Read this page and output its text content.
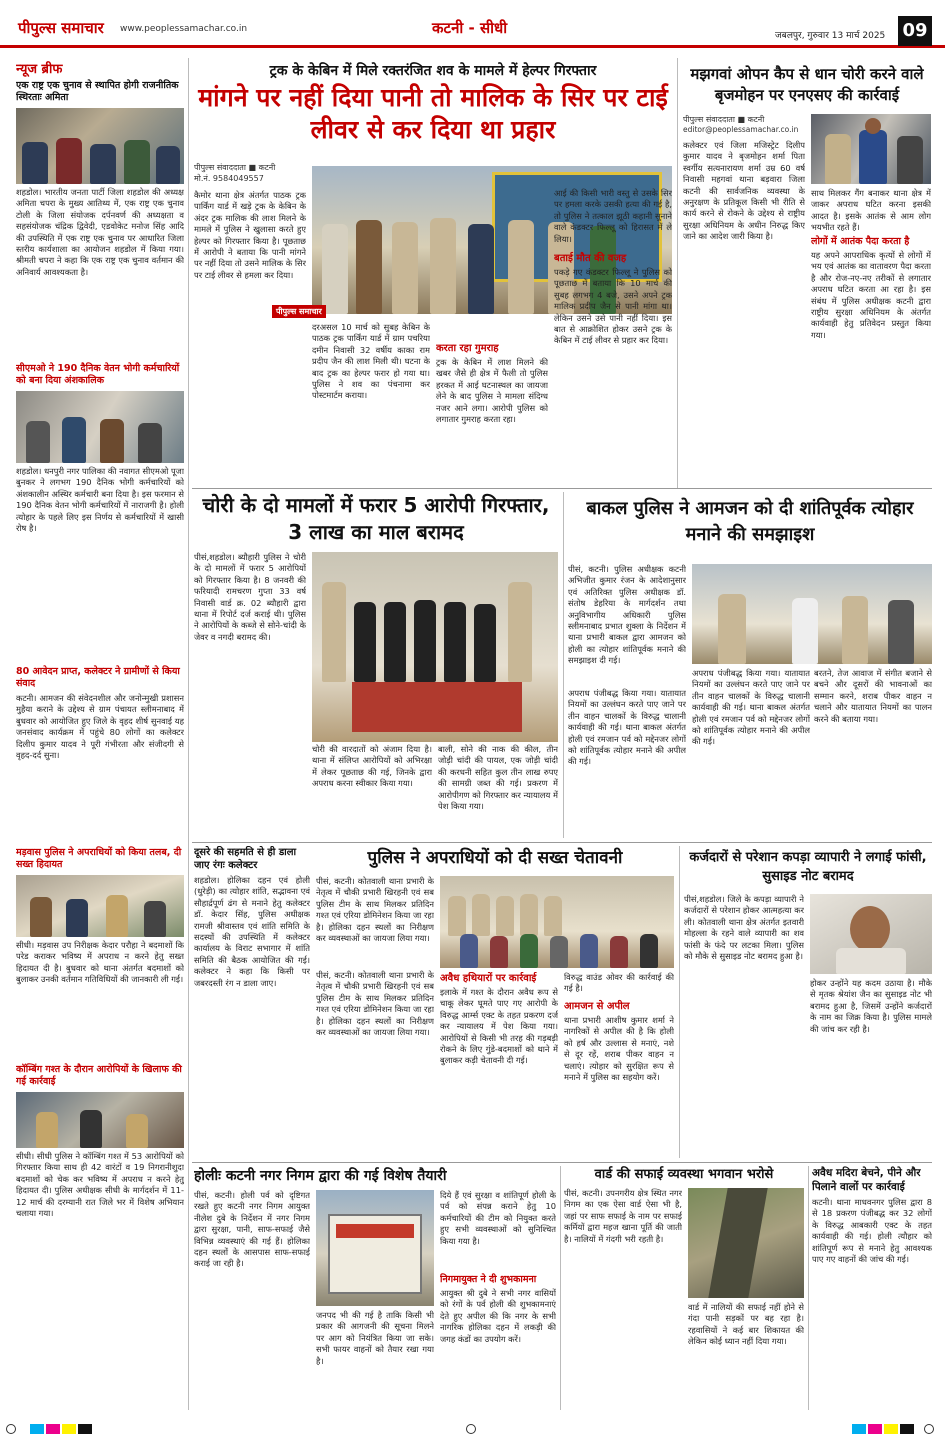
पीपुल्स समाचार www.peoplessamachar.co.in	कटनी - सीधी	जबलपुर, गुरुवार 13 मार्च 2025 09
न्यूज ब्रीफ
एक राष्ट्र एक चुनाव से स्थापित होगी राजनीतिक स्थिरताः अमिता
शहडोल। भारतीय जनता पार्टी जिला शहडोल की अध्यक्ष अमिता चपरा के मुख्य आतिथ्य में, एक राष्ट्र एक चुनाव टोली के जिला संयोजक दर्पनवर्ण की अध्यक्षता व सहसंयोजक चंद्रिक द्विवेदी, एडवोकेट मनोज सिंह आदि की उपस्थिति में एक राष्ट्र एक चुनाव पर आधारित जिला स्तरीय कार्यशाला का आयोजन शहडोल में किया गया। श्रीमती चपरा ने कहा कि एक राष्ट्र एक चुनाव वर्तमान की अनिवार्य आवश्यकता है।
सीएमओ ने 190 दैनिक वेतन भोगी कर्मचारियों को बना दिया अंशकालिक
शहडोल। धनपुरी नगर पालिका की नवागत सीएमओ पूजा बुनकर ने लगभग 190 दैनिक भोगी कर्मचारियों को अंशकालीन अस्थिर कर्मचारी बना दिया है। इस फरमान से 190 दैनिक वेतन भोगी कर्मचारियों में नाराजगी है। होली त्योहार के पहले लिए इस निर्णय से कर्मचारियों में खासी रोष है।
80 आवेदन प्राप्त, कलेक्टर ने ग्रामीणों से किया संवाद
कटनी। आमजन की संवेदनशील और जनोन्मुखी प्रशासन मुहैया कराने के उद्देश्य से ग्राम पंचायत स्लीमनाबाद में बुधवार को आयोजित हुए जिले के वृहद शीर्ष सुनवाई यह जनसंवाद कार्यक्रम में पहुंचे 80 लोगों का कलेक्टर दिलीप कुमार यादव ने पूरी गंभीरता और संजीदगी से वृहद-दर्द सुना।
मड़वास पुलिस ने अपराधियों को किया तलब, दी सख्त हिदायत
सीधी। मड़वास उप निरीक्षक केदार परौहा ने बदमाशों कि परेड कराकर भविष्य में अपराध न करने हेतु सख्त हिदायत दी है। बुधवार को थाना अंतर्गत बदमाशों को बुलाकर उनकी वर्तमान गतिविधियों की जानकारी ली गई।
कॉम्बिंग गश्त के दौरान आरोपियों के खिलाफ की गई कार्रवाई
सीधी। सीधी पुलिस ने कॉम्बिंग गश्त में 53 आरोपियों को गिरफ्तार किया साथ ही 42 वारंटों व 19 निगरानीशुदा बदमाशों को चेक कर भविष्य में अपराध न करने हेतु हिदायत दी। पुलिस अधीक्षक सीधी के मार्गदर्शन में 11-12 मार्च की दरम्यानी रात जिले भर में विशेष अभियान चलाया गया।
ट्रक के केबिन में मिले रक्तरंजित शव के मामले में हेल्पर गिरफ्तार
मांगने पर नहीं दिया पानी तो मालिक के सिर पर टाई लीवर से कर दिया था प्रहार
पीपुल्स समाचार
पीपुल्स संवाददाता ■ कटनी
मो.नं. 9584049557
कैमोर थाना क्षेत्र अंतर्गत पाठक ट्रक पार्किंग यार्ड में खड़े ट्रक के केबिन के अंदर ट्रक मालिक की लाश मिलने के मामले में पुलिस ने खुलासा करते हुए हेल्पर को गिरफ्तार किया है। पूछताछ में आरोपी ने बताया कि पानी मांगने पर नहीं दिया तो उसने मालिक के सिर पर टाई लीवर से हमला कर दिया।
दरअसल 10 मार्च को सुबह केबिन के पाठक ट्रक पार्किंग यार्ड में ग्राम पचरिया दमीन निवासी 32 वर्षीय काका राम प्रदीप जैन की लाश मिली थी। घटना के बाद ट्रक का हेल्पर फरार हो गया था। पुलिस ने शव का पंचनामा कर पोस्टमार्टम कराया।
करता रहा गुमराह
ट्रक के केबिन में लाश मिलने की खबर जैसे ही क्षेत्र में फैली तो पुलिस हरकत में आई घटनास्थल का जायजा लेने के बाद पुलिस ने मामला संदिग्ध नजर आने लगा। आरोपी पुलिस को लगातार गुमराह करता रहा।
आई की किसी भारी वस्तु से उसके सिर पर हमला करके उसकी हत्या की गई है, तो पुलिस ने तत्काल झूठी कहानी सुनाने वाले कंडक्टर फिल्लू को हिरासत में ले लिया।
बताई मौत की वजह
पकड़े गए कंडक्टर फिल्लू ने पुलिस को पूछताछ में बताया कि 10 मार्च की सुबह लगभग 4 बजे, उसने अपने ट्रक मालिक प्रदीप जैन से पानी मांगा था। लेकिन उसने उसे पानी नहीं दिया। इस बात से आक्रोशित होकर उसने ट्रक के केबिन में टाई लीवर से प्रहार कर दिया।
मझगवां ओपन कैप से धान चोरी करने वाले बृजमोहन पर एनएसए की कार्रवाई
पीपुल्स संवाददाता ■ कटनी
editor@peoplessamachar.co.in
कलेक्टर एवं जिला मजिस्ट्रेट दिलीप कुमार यादव ने बृजमोहन शर्मा पिता स्वर्गीय सत्यनारायण शर्मा उम्र 60 वर्ष निवासी महगवां थाना बड़वारा जिला कटनी की सार्वजनिक व्यवस्था के अनुरक्षण के प्रतिकूल किसी भी रीति से कार्य करने से रोकने के उद्देश्य से राष्ट्रीय सुरक्षा अधिनियम के अधीन निरुद्ध किए जाने का आदेश जारी किया है।
साथ मिलकर गैंग बनाकर थाना क्षेत्र में जाकर अपराध घटित करना इसकी आदत है। इसके आतंक से आम लोग भयभीत रहते हैं।
लोगों में आतंक पैदा करता है
यह अपने आपराधिक कृत्यों से लोगों में भय एवं आतंक का वातावरण पैदा करता है और रोज-नए-नए तरीकों से लगातार अपराध घटित करता आ रहा है। इस संबंध में पुलिस अधीक्षक कटनी द्वारा राष्ट्रीय सुरक्षा अधिनियम के अंतर्गत कार्यवाही हेतु प्रतिवेदन प्रस्तुत किया गया।
चोरी के दो मामलों में फरार 5 आरोपी गिरफ्तार, 3 लाख का माल बरामद
पीसं,शहडोल। ब्यौहारी पुलिस ने चोरी के दो मामलों में फरार 5 आरोपियों को गिरफ्तार किया है। 8 जनवरी की फरियादी रामचरण गुप्ता 33 वर्ष निवासी वार्ड क्र. 02 ब्यौहारी द्वारा थाना में रिपोर्ट दर्ज कराई थी। पुलिस ने आरोपियों के कब्जे से सोने-चांदी के जेवर व नगदी बरामद की।
चोरी की वारदातों को अंजाम दिया है। थाना में संलिप्त आरोपियों को अभिरक्षा में लेकर पूछताछ की गई, जिनके द्वारा अपराध करना स्वीकार किया गया।
बाली, सोने की नाक की कील, तीन जोड़ी चांदी की पायल, एक जोड़ी चांदी की करधनी सहित कुल तीन लाख रुपए की सामग्री जब्त की गई। प्रकरण में आरोपीगण को गिरफ्तार कर न्यायालय में पेश किया गया।
बाकल पुलिस ने आमजन को दी शांतिपूर्वक त्योहार मनाने की समझाइश
पीसं, कटनी। पुलिस अधीक्षक कटनी अभिजीत कुमार रंजन के आदेशानुसार एवं अतिरिक्त पुलिस अधीक्षक डॉ. संतोष डेहरिया के मार्गदर्शन तथा अनुविभागीय अधिकारी पुलिस स्लीमनाबाद प्रभात शुक्ला के निर्देशन में थाना प्रभारी बाकल द्वारा आमजन को होली का त्योहार शांतिपूर्वक मनाने की समझाइश दी गई।
अपराध पंजीबद्ध किया गया। यातायात नियमों का उल्लंघन करते पाए जाने पर तीन वाहन चालकों के विरुद्ध चालानी कार्यवाही की गई। थाना बाकल अंतर्गत होली एवं रमजान पर्व को मद्देनजर लोगों को शांतिपूर्वक त्योहार मनाने की अपील की गई।
अपराध पंजीबद्ध किया गया। यातायात नियमों का उल्लंघन करते पाए जाने पर तीन वाहन चालकों के विरुद्ध चालानी कार्यवाही की गई। थाना बाकल अंतर्गत होली एवं रमजान पर्व को मद्देनजर लोगों को शांतिपूर्वक त्योहार मनाने की अपील की गई।
बरतने, तेज आवाज में संगीत बजाने से बचने और दूसरों की भावनाओं का सम्मान करने, शराब पीकर वाहन न चलाने और यातायात नियमों का पालन करने की बताया गया।
दूसरे की सहमति से ही डाला जाए रंगः कलेक्टर
शहडोल। होलिका दहन एवं होली (धुरेड़ी) का त्योहार शांति, सद्भावना एवं सौहार्द्रपूर्ण ढंग से मनाने हेतु कलेक्टर डॉ. केदार सिंह, पुलिस अधीक्षक रामजी श्रीवास्तव एवं शांति समिति के सदस्यों की उपस्थिति में कलेक्टर कार्यालय के विराट सभागार में शांति समिति की बैठक आयोजित की गई। कलेक्टर ने कहा कि किसी पर जबरदस्ती रंग न डाला जाए।
पुलिस ने अपराधियों को दी सख्त चेतावनी
पीसं, कटनी। कोतवाली थाना प्रभारी के नेतृत्व में चौकी प्रभारी खिरहनी एवं सब पुलिस टीम के साथ मिलकर प्रतिदिन गश्त एवं एरिया डोमिनेशन किया जा रहा है। होलिका दहन स्थलों का निरीक्षण कर व्यवस्थाओं का जायजा लिया गया।
पीसं, कटनी। कोतवाली थाना प्रभारी के नेतृत्व में चौकी प्रभारी खिरहनी एवं सब पुलिस टीम के साथ मिलकर प्रतिदिन गश्त एवं एरिया डोमिनेशन किया जा रहा है। होलिका दहन स्थलों का निरीक्षण कर व्यवस्थाओं का जायजा लिया गया।
अवैध हथियारों पर कार्रवाई
इलाके में गश्त के दौरान अवैध रूप से चाकू लेकर घूमते पाए गए आरोपी के विरुद्ध आर्म्स एक्ट के तहत प्रकरण दर्ज कर न्यायालय में पेश किया गया। आरोपियों से किसी भी तरह की गड़बड़ी रोकने के लिए गुंडे-बदमाशों को थाने में बुलाकर कड़ी चेतावनी दी गई।
विरुद्ध वाउंड ओवर की कार्रवाई की गई है।
आमजन से अपील
थाना प्रभारी आशीष कुमार शर्मा ने नागरिकों से अपील की है कि होली को हर्ष और उल्लास से मनाएं, नशे से दूर रहें, शराब पीकर वाहन न चलाएं। त्योहार को सुरक्षित रूप से मनाने में पुलिस का सहयोग करें।
कर्जदारों से परेशान कपड़ा व्यापारी ने लगाई फांसी, सुसाइड नोट बरामद
पीसं,शहडोल। जिले के कपड़ा व्यापारी ने कर्जदारों से परेशान होकर आत्महत्या कर ली। कोतवाली थाना क्षेत्र अंतर्गत इतवारी मोहल्ला के रहने वाले व्यापारी का शव फांसी के फंदे पर लटका मिला। पुलिस को मौके से सुसाइड नोट बरामद हुआ है।
होकर उन्होंने यह कदम उठाया है। मौके से मृतक श्रेयांश जैन का सुसाइड नोट भी बरामद हुआ है, जिसमें उन्होंने कर्जदारों के नाम का जिक्र किया है। पुलिस मामले की जांच कर रही है।
होलीः कटनी नगर निगम द्वारा की गई विशेष तैयारी
पीसं, कटनी। होली पर्व को दृष्टिगत रखते हुए कटनी नगर निगम आयुक्त नीलेश दुबे के निर्देशन में नगर निगम द्वारा सुरक्षा, पानी, साफ-सफाई जैसे विभिन्न व्यवस्थाएं की गई हैं। होलिका दहन स्थलों के आसपास साफ-सफाई कराई जा रही है।
जनपद भी की गई है ताकि किसी भी प्रकार की आगजनी की सूचना मिलने पर आग को नियंत्रित किया जा सके। सभी फायर वाहनों को तैयार रखा गया है।
दिये हैं एवं सुरक्षा व शांतिपूर्ण होली के पर्व को संपन्न कराने हेतु 10 कर्मचारियों की टीम को नियुक्त करते हुए सभी व्यवस्थाओं को सुनिश्चित किया गया है।
निगमायुक्त ने दी शुभकामना
आयुक्त श्री दुबे ने सभी नगर वासियों को रंगों के पर्व होली की शुभकामनाएं देते हुए अपील की कि नगर के सभी नागरिक होलिका दहन में लकड़ी की जगह कंडों का उपयोग करें।
वार्ड की सफाई व्यवस्था भगवान भरोसे
पीसं, कटनी। उपनगरीय क्षेत्र स्थित नगर निगम का एक ऐसा वार्ड ऐसा भी है, जहां पर साफ सफाई के नाम पर सफाई कर्मियों द्वारा महज खाना पूर्ति की जाती है। नालियों में गंदगी भरी रहती है।
वार्ड में नालियों की सफाई नहीं होने से गंदा पानी सड़कों पर बह रहा है। रहवासियों ने कई बार शिकायत की लेकिन कोई ध्यान नहीं दिया गया।
अवैध मदिरा बेचने, पीने और पिलाने वालों पर कार्रवाई
कटनी। थाना माधवनगर पुलिस द्वारा 8 से 18 प्रकरण पंजीबद्ध कर 32 लोगों के विरुद्ध आबकारी एक्ट के तहत कार्यवाही की गई। होली त्यौहार को शांतिपूर्ण रूप से मनाने हेतु आवश्यक पाए गए वाहनों की जांच की गई।
